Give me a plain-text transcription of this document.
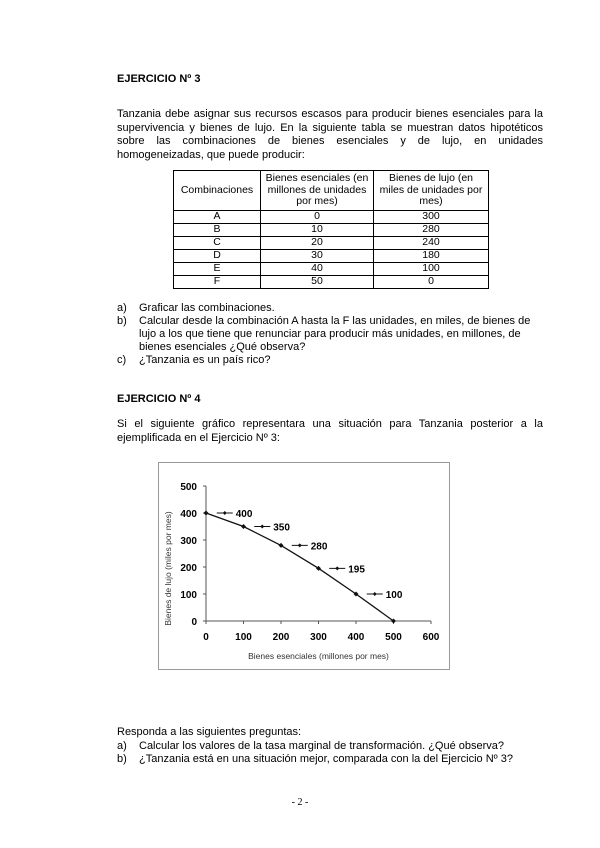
EJERCICIO Nº 3
Tanzania debe asignar sus recursos escasos para producir bienes esenciales para la supervivencia y bienes de lujo. En la siguiente tabla se muestran datos hipotéticos sobre las combinaciones de bienes esenciales y de lujo, en unidades homogeneizadas, que puede producir:
Combinaciones	Bienes esenciales (en millones de unidades por mes)	Bienes de lujo (en miles de unidades por mes)
A	0	300
B	10	280
C	20	240
D	30	180
E	40	100
F	50	0
a) Graficar las combinaciones.
b) Calcular desde la combinación A hasta la F las unidades, en miles, de bienes de lujo a los que tiene que renunciar para producir más unidades, en millones, de bienes esenciales ¿Qué observa?
c) ¿Tanzania es un país rico?
EJERCICIO Nº 4
Si el siguiente gráfico representara una situación para Tanzania posterior a la ejemplificada en el Ejercicio Nº 3:
0	100 200 300 400 500 600
0
100
200
300
400
500
Bienes esenciales (millones por mes)
Bienes de lujo (miles por mes)	400
350
280
195
100
Responda a las siguientes preguntas:
a) Calcular los valores de la tasa marginal de transformación. ¿Qué observa?
b) ¿Tanzania está en una situación mejor, comparada con la del Ejercicio Nº 3?
- 2 -
